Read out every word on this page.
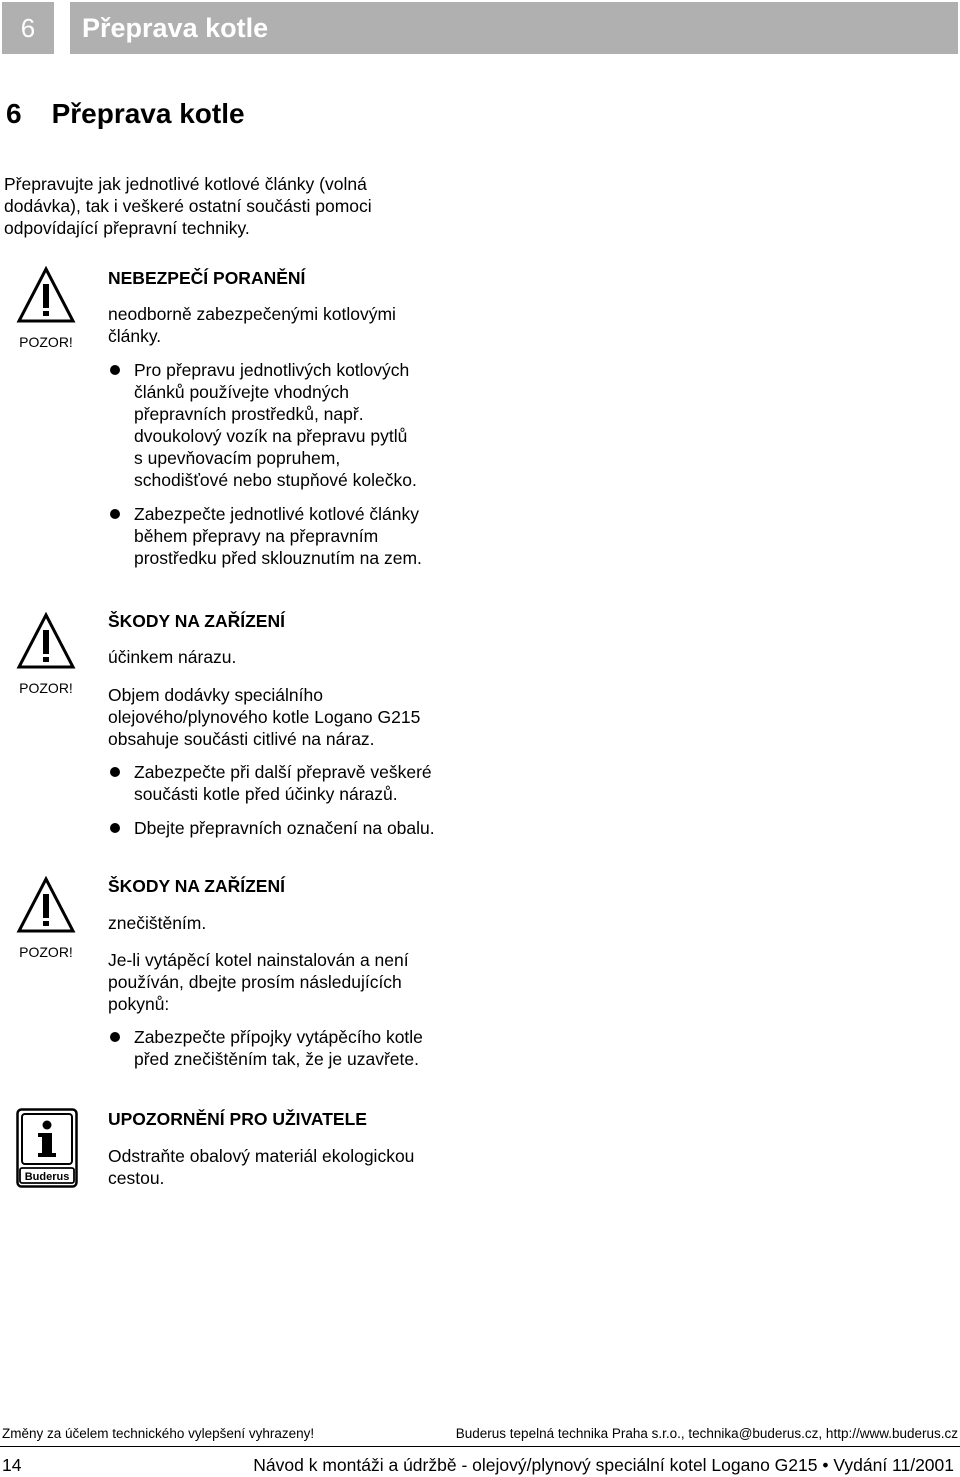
6 Přeprava kotle
6 Přeprava kotle
Přepravujte jak jednotlivé kotlové články (volná
dodávka), tak i veškeré ostatní součásti pomoci
odpovídající přepravní techniky.
POZOR!
NEBEZPEČÍ PORANĚNÍ
neodborně zabezpečenými kotlovými
články.
Pro přepravu jednotlivých kotlových
článků používejte vhodných
přepravních prostředků, např.
dvoukolový vozík na přepravu pytlů
s upevňovacím popruhem,
schodišťové nebo stupňové kolečko.
Zabezpečte jednotlivé kotlové články
během přepravy na přepravním
prostředku před sklouznutím na zem.
POZOR!
ŠKODY NA ZAŘÍZENÍ
účinkem nárazu.
Objem dodávky speciálního
olejového/plynového kotle Logano G215
obsahuje součásti citlivé na náraz.
Zabezpečte při další přepravě veškeré
součásti kotle před účinky nárazů.
Dbejte přepravních označení na obalu.
POZOR!
ŠKODY NA ZAŘÍZENÍ
znečištěním.
Je-li vytápěcí kotel nainstalován a není
používán, dbejte prosím následujících
pokynů:
Zabezpečte přípojky vytápěcího kotle
před znečištěním tak, že je uzavřete.
Buderus
UPOZORNĚNÍ PRO UŽIVATELE
Odstraňte obalový materiál ekologickou
cestou.
Změny za účelem technického vylepšení vyhrazeny!	Buderus tepelná technika Praha s.r.o., technika@buderus.cz, http://www.buderus.cz
14	Návod k montáži a údržbě - olejový/plynový speciální kotel Logano G215 • Vydání 11/2001
